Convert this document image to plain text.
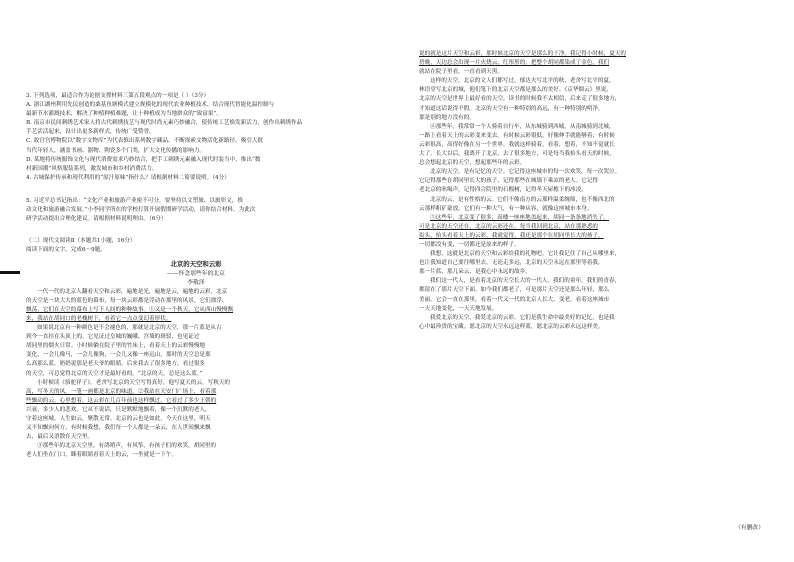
3. 下列选项，最适合作为论据支撑材料三第五段观点的一项是（ ）（3分）

A. 浙江湖州利用先民创造的桑基鱼塘模式建立规模化的现代农业种植技术，结合现代智能化温控制与

最新节水灌溉技术，解决了种植种植难题，让十种植成为当地群众的“致富果”。

B. 南京市民间刺绣艺术家人将古代刺绣技艺与现代时尚元素巧妙融合，使传统工艺焕发新活力，创作出刺绣作品

手艺活活起来，设计出更多新样式，传统广受赞誉。

C. 故宫宫博物院以“数字文物库”为代表推出系列数字藏品，不断探索文物活化新路径，吸引大批

当代年轻人，涵盖书画、器物、陶瓷多个门类，扩大文化传播的影响力。

D. 某地将传统服饰文化与现代消费需求巧妙结合，把手工刺绣元素融入现代时装当中，推出“数

村新国潮”风格服装系列，激发城市和乡村消费活力。

4. 古城保护传承和现代利用的“原汁原味”指什么？请根据材料二简要说明。（4分）

5. 习近平总书记指出：“文化产业和旅游产业密不可分，要坚持以文塑旅、以旅彰文，推

动文化和旅游融合发展。”小李同学所在的学校打算开展假期研学活动，请你结合材料，为此次

研学活动提出合理化建议。请根据材料说明理由。（6分）

（二）现代文阅读Ⅱ（本题共1小题，16分）

阅读下面的文字，完成6～9题。

北京的天空和云彩

——怀念那些年的北京

李敬泽

一代一代的北京人翻看天空和云彩，遍地是光，遍地是云，遍地的云彩，北京

的天空是一块大大的蓝色的幕布，每一块云彩都是浮动在那里的风景，它们漂浮、

飘荡，它们在天空的幕布上写下人间的种种故事。①又是一个秋天，它从西山慢慢飘

来，我站在胡同口的老槐树下，看着它一点点变幻着形状。

如果说北京有一种颜色是不会褪色的，那就是北京的天空，那一片蓝是从古

到今一直挂在头顶上的。它见证过皇城的巍峨、宫墙的斑驳，也见证过

胡同里的烟火日常。小时候躺在院子里的竹床上，看着天上的云彩慢慢地

变化，一会儿像马，一会儿像狗，一会儿又像一座远山。那时的天空总是那

么高那么蓝，奶奶说那是老天爷的眼睛。后来我去了很多地方，看过很多

的天空，可总觉得北京的天空才是最好看的。“北京的天，总是这么蓝。”

小时候读《骆驼祥子》，老舍写北京的天空写得真好，他写夏天的云，写秋天的

高，写冬天的风，一笔一画都是北京的味道。②我站在天安门广场上，看着那

些飘动的云，心里想着，这云彩在几百年前也这样飘过，它看过了多少王朝的

兴衰，多少人的悲欢。它从不说话，只是默默地飘着，像一个沉默的老人，

守着这座城。人生如云，聚散无常。北京的云也是如此，今天在这里，明天

又不知飘向何方。有时候我想，我们每一个人都是一朵云，在人世间飘来飘

去，最后又消散在天空里。

③那些年的北京天空里，有鸽哨声，有风筝，有孩子们的欢笑。胡同里的

老人们坐在门口，眯着眼睛看着天上的云，一坐就是一下午。

说的就是这片天空和云彩，那时候北京的天空是那么的干净。我记得小时候，夏天的

傍晚，天边总会出现一片火烧云，红彤彤的，把整个胡同都染成了金色，我们

就站在院子里看，一直看到天黑。

这样的天空，北京的文人们都写过。郁达夫写北平的秋，老舍写北平的夏，

林语堂写北京的城，他们笔下的北京天空都是那么的美好。《京华烟云》里说，

北京的天空是世界上最好看的天空。读书的时候我不太相信，后来走了很多地方，

才知道这话说得不假。北京的天空有一种特别的高远，有一种特别的明净，

那是别的地方没有的。

④那些年，我常常一个人骑着自行车，从东城骑到西城，从南城骑到北城，

一路上看着天上的云彩变来变去。有时候云彩很低，好像伸手就能够着；有时候

云彩很高，高得好像在另一个世界。我就这样骑着，看着，想着，不知不觉就长

大了。长大以后，我离开了北京，去了很多地方，可是每当我抬头看天的时候，

总会想起北京的天空，想起那些年的云彩。

北京的天空，是有记忆的天空。它记得这座城市的每一次欢笑，每一次哭泣。

它记得那些在胡同里长大的孩子，记得那些在城墙下乘凉的老人。它记得

老北京的吆喝声，记得四合院里的石榴树，记得冬天屋檐下的冰凌。

北京的云，是有性格的云。它们不像南方的云那样温柔缠绵，也不像西北的

云那样粗犷豪放，它们有一种大气，有一种从容，就像这座城市本身。

⑤这些年，北京变了很多，高楼一座座地盖起来，胡同一条条地消失了。

可是北京的天空还在，北京的云彩还在。每当我回到北京，站在那熟悉的

街头，抬头看着天上的云彩，我就觉得，我还是那个在胡同里长大的孩子，

一切都没有变，一切都还是原来的样子。

我想，这就是北京的天空和云彩给我的礼物吧。它让我记住了自己从哪里来，

也让我知道自己要往哪里去。无论走多远，北京的天空永远在那里等着我。

那一片蓝，那几朵云，是我心中永远的故乡。

我们这一代人，是看着北京的天空长大的一代人。我们的童年，我们的青春，

都留在了那片天空下面。如今我们都老了，可是那片天空还是那么年轻，那么

美丽。它会一直在那里，看着一代又一代的北京人长大、变老，看着这座城市

一天天地变化，一天天地发展。

我爱北京的天空，我爱北京的云彩。它们是我生命中最美好的记忆，也是我

心中最珍贵的宝藏。愿北京的天空永远这样蓝，愿北京的云彩永远这样美。

（有删改）
